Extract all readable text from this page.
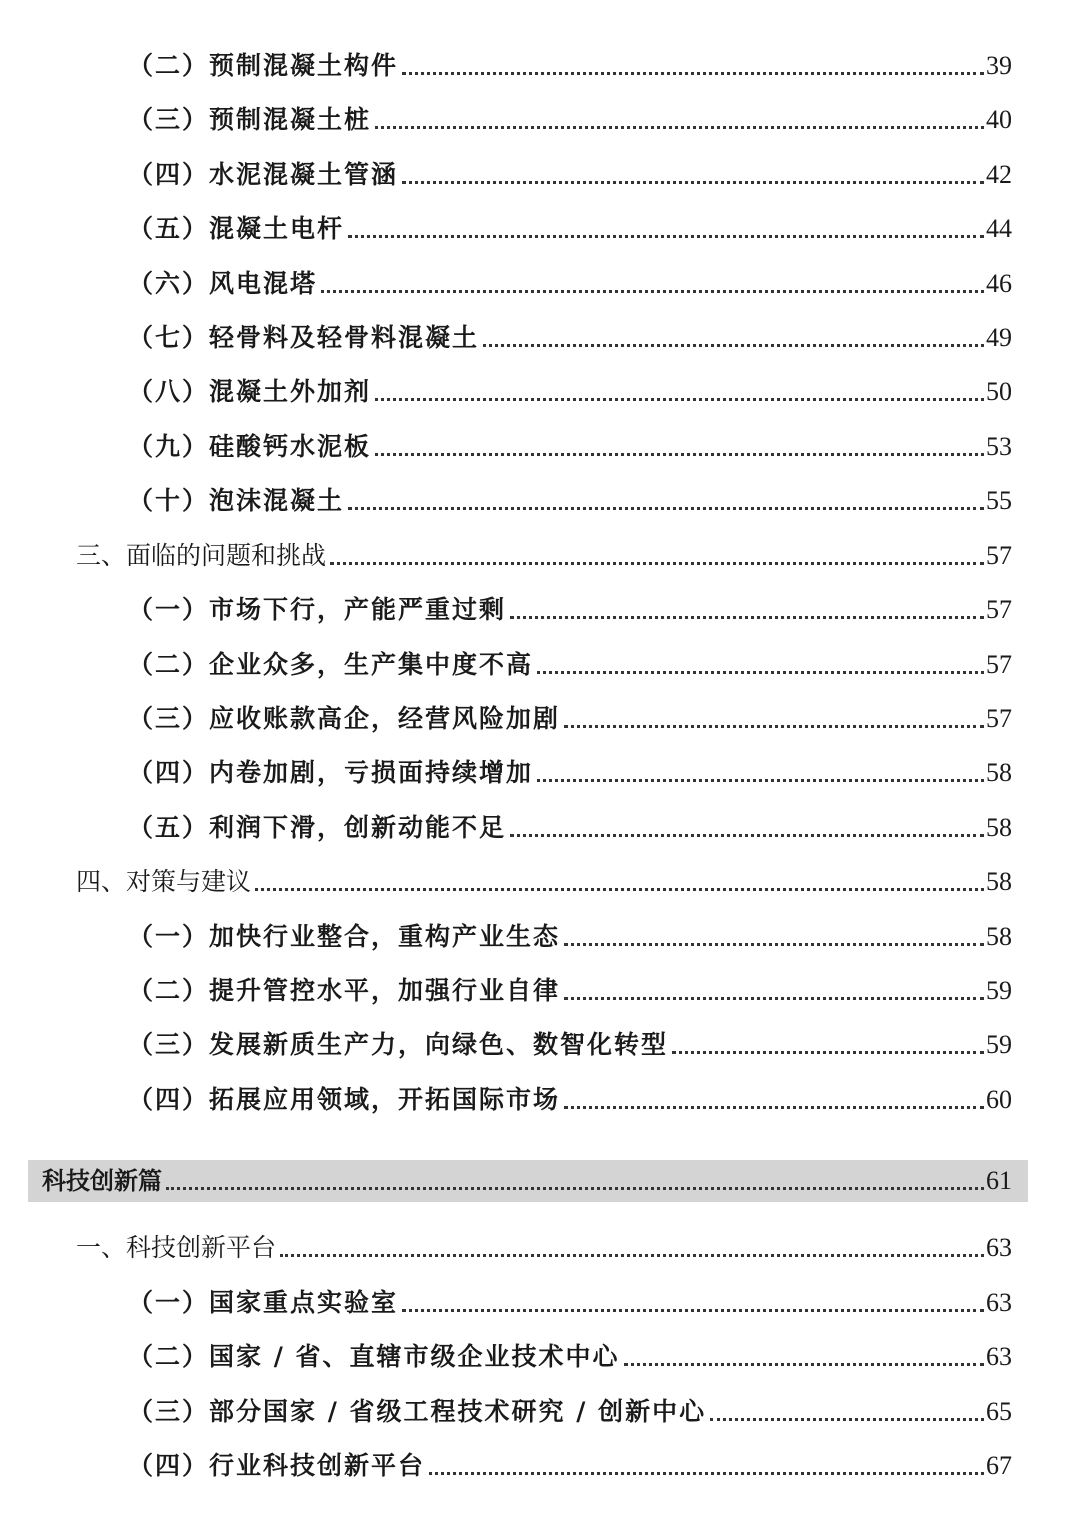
（二）预制混凝土构件	39
（三）预制混凝土桩	40
（四）水泥混凝土管涵	42
（五）混凝土电杆	44
（六）风电混塔	46
（七）轻骨料及轻骨料混凝土	49
（八）混凝土外加剂	50
（九）硅酸钙水泥板	53
（十）泡沫混凝土	55
三、面临的问题和挑战	57
（一）市场下行，产能严重过剩	57
（二）企业众多，生产集中度不高	57
（三）应收账款高企，经营风险加剧	57
（四）内卷加剧，亏损面持续增加	58
（五）利润下滑，创新动能不足	58
四、对策与建议	58
（一）加快行业整合，重构产业生态	58
（二）提升管控水平，加强行业自律	59
（三）发展新质生产力，向绿色、数智化转型	59
（四）拓展应用领域，开拓国际市场	60
科技创新篇	61
一、科技创新平台	63
（一）国家重点实验室	63
（二）国家 / 省、直辖市级企业技术中心	63
（三）部分国家 / 省级工程技术研究 / 创新中心	65
（四）行业科技创新平台	67
